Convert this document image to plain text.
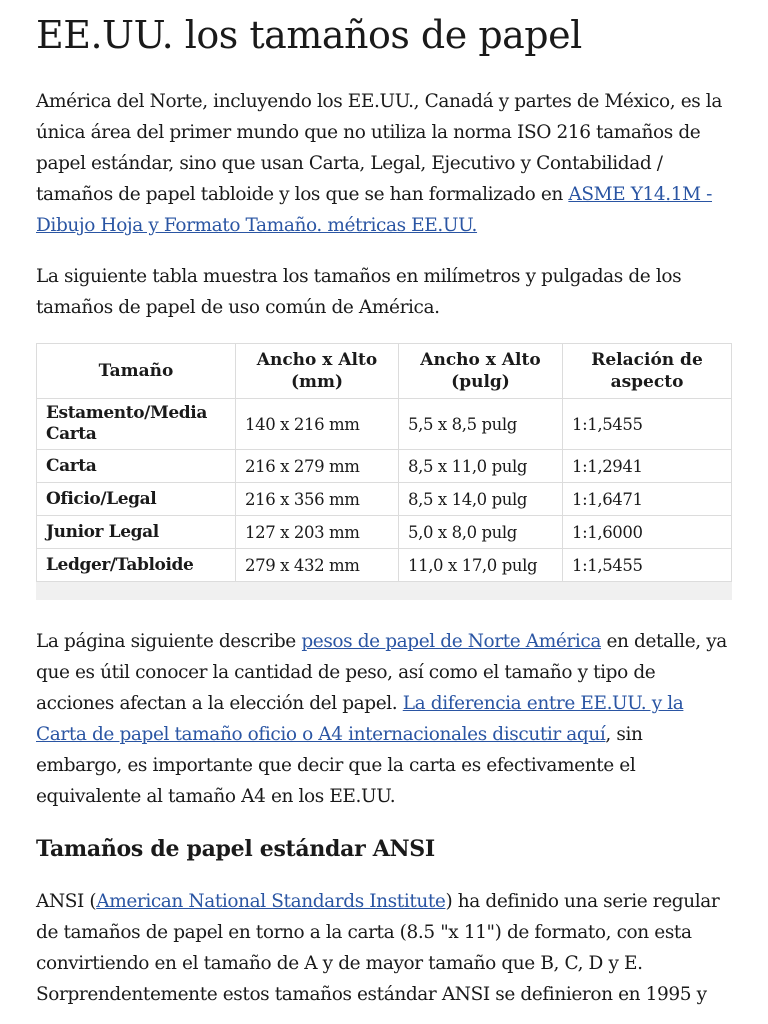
EE.UU. los tamaños de papel

América del Norte, incluyendo los EE.UU., Canadá y partes de México, es la única área del primer mundo que no utiliza la norma ISO 216 tamaños de papel estándar, sino que usan Carta, Legal, Ejecutivo y Contabilidad / tamaños de papel tabloide y los que se han formalizado en ASME Y14.1M - Dibujo Hoja y Formato Tamaño. métricas EE.UU.

La siguiente tabla muestra los tamaños en milímetros y pulgadas de los tamaños de papel de uso común de América.

Tamaño	Ancho x Alto (mm)	Ancho x Alto (pulg)	Relación de aspecto
Estamento/Media Carta	140 x 216 mm	5,5 x 8,5 pulg	1:1,5455
Carta	216 x 279 mm	8,5 x 11,0 pulg	1:1,2941
Oficio/Legal	216 x 356 mm	8,5 x 14,0 pulg	1:1,6471
Junior Legal	127 x 203 mm	5,0 x 8,0 pulg	1:1,6000
Ledger/Tabloide	279 x 432 mm	11,0 x 17,0 pulg	1:1,5455

La página siguiente describe pesos de papel de Norte América en detalle, ya que es útil conocer la cantidad de peso, así como el tamaño y tipo de acciones afectan a la elección del papel. La diferencia entre EE.UU. y la Carta de papel tamaño oficio o A4 internacionales discutir aquí, sin embargo, es importante que decir que la carta es efectivamente el equivalente al tamaño A4 en los EE.UU.

Tamaños de papel estándar ANSI

ANSI (American National Standards Institute) ha definido una serie regular de tamaños de papel en torno a la carta (8.5 "x 11") de formato, con esta convirtiendo en el tamaño de A y de mayor tamaño que B, C, D y E. Sorprendentemente estos tamaños estándar ANSI se definieron en 1995 y
